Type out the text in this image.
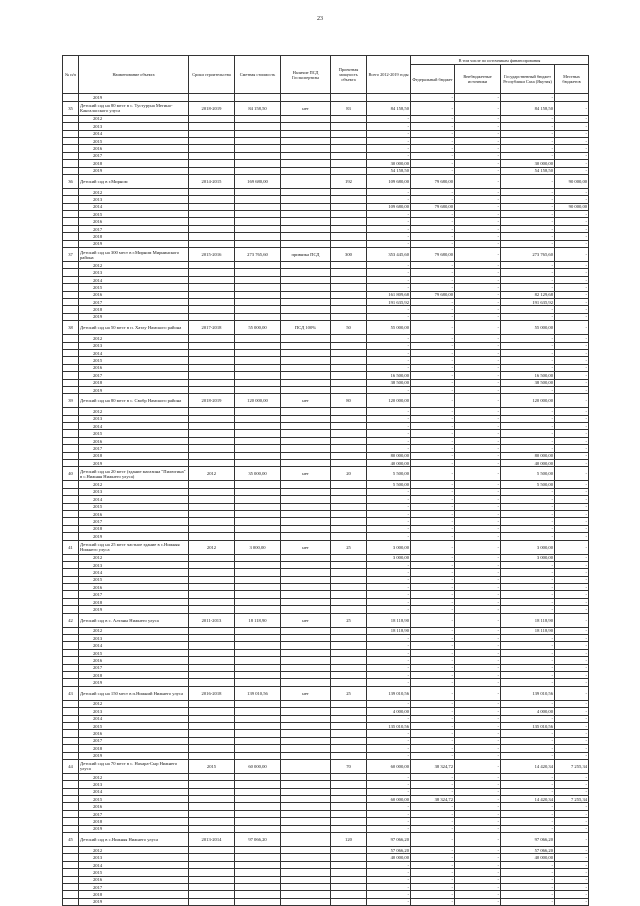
23
№ п/п	Наименование объекта	Сроки строительства	Сметная стоимость	Наличие ПСД Госэкспертизы	Проектная мощность объекта	Всего 2012-2019 годы	В том числе по источникам финансирования			
							Федеральный бюджет	Внебюджетные источники	Государственный бюджет Республики Саха (Якутия)	Местных бюджетов
	2019						-	-	-	
35	Детский сад на 80 мест в с. Тустуруна Мегино-Кангаласского улуса	2018-2019	84 158,50	нет	83	84 158,50	-	-	84 158,50	-
	2012					-	-	-	-	-
	2013					-	-	-	-	-
	2014					-	-	-	-	-
	2015					-	-	-	-	-
	2016					-	-	-	-	-
	2017					-	-	-	-	-
	2018					30 000,00	-	-	30 000,00	-
	2019					54 158,50	-	-	54 158,50	-
36	Детский сад в г.Мирном	2014-2015	169 680,00		192	109 680,00	79 680,00	-	-	90 000,00
	2012					-	-	-	-	-
	2013					-	-	-	-	-
	2014					109 680,00	79 680,00	-	-	90 000,00
	2015					-	-	-	-	-
	2016					-	-	-	-	-
	2017					-	-	-	-	-
	2018					-	-	-	-	-
	2019					-	-	-	-	-
37	Детский сад на 300 мест в г.Мирном Мирнинского района	2015-2016	273 765,60	привязка ПСД	300	353 445,60	79 680,00	-	273 765,60	-
	2012					-	-	-	-	-
	2013					-	-	-	-	-
	2014					-	-	-	-	-
	2015					-	-	-	-	-
	2016					161 809,68	79 680,00	-	82 129,68	-
	2017					191 635,92	-	-	191 635,92	-
	2018					-	-	-	-	-
	2019					-	-	-	-	-
38	Детский сад на 50 мест в п. Хатлу Намского района	2017-2018	55 000,00	ПСД 100%	50	55 000,00	-	-	55 000,00	-
	2012					-	-	-	-	-
	2013					-	-	-	-	-
	2014					-	-	-	-	-
	2015					-	-	-	-	-
	2016					-	-	-	-	-
	2017					16 500,00	-	-	16 500,00	-
	2018					38 500,00	-	-	38 500,00	-
	2019					-	-	-	-	-
39	Детский сад на 80 мест в с. Свобр Намского района	2018-2019	120 000,00	нет	80	120 000,00	-	-	120 000,00	-
	2012					-	-	-	-	-
	2013					-	-	-	-	-
	2014					-	-	-	-	-
	2015					-	-	-	-	-
	2016					-	-	-	-	-
	2017					-	-	-	-	-
	2018					80 000,00	-	-	80 000,00	-
	2019					40 000,00	-	-	40 000,00	-
40	Детский сад на 20 мест (здание магазина "Пилюгина" в с.Нижняя Нижнего улуса)	2012	35 000,00	нет	20	5 500,00	-	-	5 500,00	-
	2012					5 500,00	-	-	5 500,00	-
	2013					-	-	-	-	-
	2014					-	-	-	-	-
	2015					-	-	-	-	-
	2016					-	-	-	-	-
	2017					-	-	-	-	-
	2018					-	-	-	-	-
	2019					-	-	-	-	-
41	Детский сад на 25 мест частное здание в с.Нижняя Нижнего улуса	2012	3 000,00	нет	25	3 000,00	-	-	3 000,00	-
	2012					3 000,00	-	-	3 000,00	-
	2013					-	-	-	-	-
	2014					-	-	-	-	-
	2015					-	-	-	-	-
	2016					-	-	-	-	-
	2017					-	-	-	-	-
	2018					-	-	-	-	-
	2019					-	-	-	-	-
42	Детский сад в с. Алтаны Нижнего улуса	2011-2013	18 118,90	нет	25	18 118,90	-	-	18 118,90	-
	2012					18 118,90	-	-	18 118,90	-
	2013					-	-	-	-	-
	2014					-	-	-	-	-
	2015					-	-	-	-	-
	2016					-	-	-	-	-
	2017					-	-	-	-	-
	2018					-	-	-	-	-
	2019					-	-	-	-	-
43	Детский сад на 150 мест в п.Нижний Нижнего улуса	2016-2018	139 010,56	нет	25	139 010,56	-	-	139 010,56	-
	2012					-	-	-	-	-
	2013					4 000,00	-	-	4 000,00	-
	2014					-	-	-	-	-
	2015					135 010,56	-	-	135 010,56	-
	2016					-	-	-	-	-
	2017					-	-	-	-	-
	2018					-	-	-	-	-
	2019					-	-	-	-	-
44	Детский сад на 70 мест в с. Нахара-Сыр Нижнего улуса	2015	60 000,00		70	60 000,00	38 324,72	-	14 420,34	7 255,34
	2012					-	-	-	-	-
	2013					-	-	-	-	-
	2014					-	-	-	-	-
	2015					60 000,00	38 324,72	-	14 420,34	7 255,34
	2016					-	-	-	-	-
	2017					-	-	-	-	-
	2018					-	-	-	-	-
	2019					-	-	-	-	-
45	Детский сад в с.Нижняя Нижнего улуса	2013-2014	97 066,20		120	97 066,20	-	-	97 066,20	-
	2012					57 066,20	-	-	57 066,20	-
	2013					40 000,00	-	-	40 000,00	-
	2014					-	-	-	-	-
	2015					-	-	-	-	-
	2016					-	-	-	-	-
	2017					-	-	-	-	-
	2018					-	-	-	-	-
	2019					-	-	-	-	-
